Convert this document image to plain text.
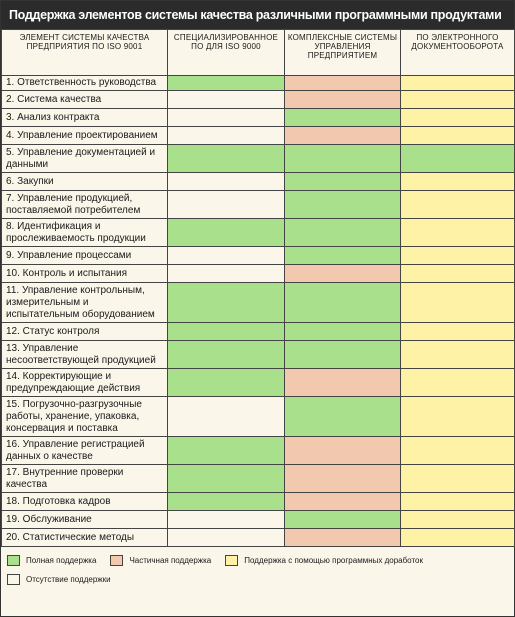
Поддержка элементов системы качества различными программными продуктами
ЭЛЕМЕНТ СИСТЕМЫ КАЧЕСТВА ПРЕДПРИЯТИЯ ПО ISO 9001	СПЕЦИАЛИЗИРОВАННОЕ ПО ДЛЯ ISO 9000	КОМПЛЕКСНЫЕ СИСТЕМЫ УПРАВЛЕНИЯ ПРЕДПРИЯТИЕМ	ПО ЭЛЕКТРОННОГО ДОКУМЕНТООБОРОТА
1. Ответственность руководства			
2. Система качества			
3. Анализ контракта			
4. Управление проектированием			
5. Управление документацией и данными			
6. Закупки			
7. Управление продукцией, поставляемой потребителем			
8. Идентификация и прослеживаемость продукции			
9. Управление процессами			
10. Контроль и испытания			
11. Управление контрольным, измерительным и испытательным оборудованием			
12. Статус контроля			
13. Управление несоответствующей продукцией			
14. Корректирующие и предупреждающие действия			
15. Погрузочно-разгрузочные работы, хранение, упаковка, консервация и поставка			
16. Управление регистрацией данных о качестве			
17. Внутренние проверки качества			
18. Подготовка кадров			
19. Обслуживание			
20. Статистические методы			
Полная поддержка	Частичная поддержка	Поддержка с помощью программных доработок
Отсутствие поддержки
